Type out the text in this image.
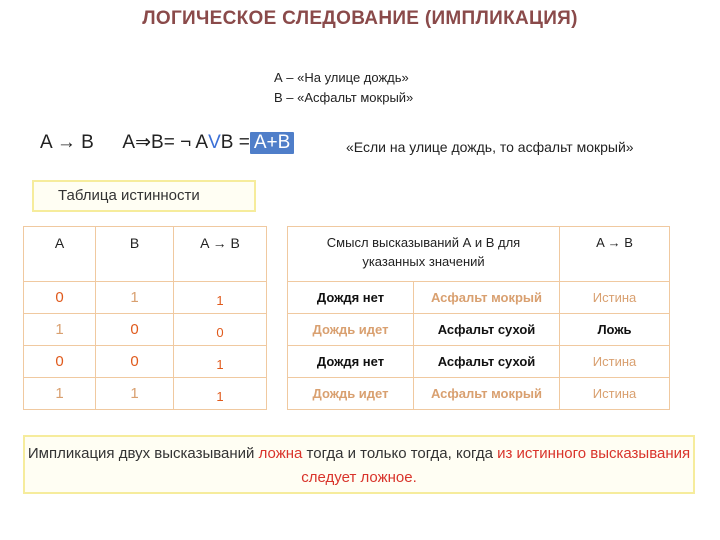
ЛОГИЧЕСКОЕ СЛЕДОВАНИЕ (ИМПЛИКАЦИЯ)
А – «На улице дождь»
В – «Асфальт мокрый»
A → B A⇒B= ¬ AVB = $\overline{A}+B$	«Если на улице дождь, то асфальт мокрый»
Таблица истинности
A	B	A → B
0	1	1
1	0	0
0	0	1
1	1	1
Смысл высказываний А и В для указанных значений		A → B
Дождя нет	Асфальт мокрый	Истина
Дождь идет	Асфальт сухой	Ложь
Дождя нет	Асфальт сухой	Истина
Дождь идет	Асфальт мокрый	Истина
Импликация двух высказываний ложна тогда и только тогда, когда из истинного высказывания следует ложное.
